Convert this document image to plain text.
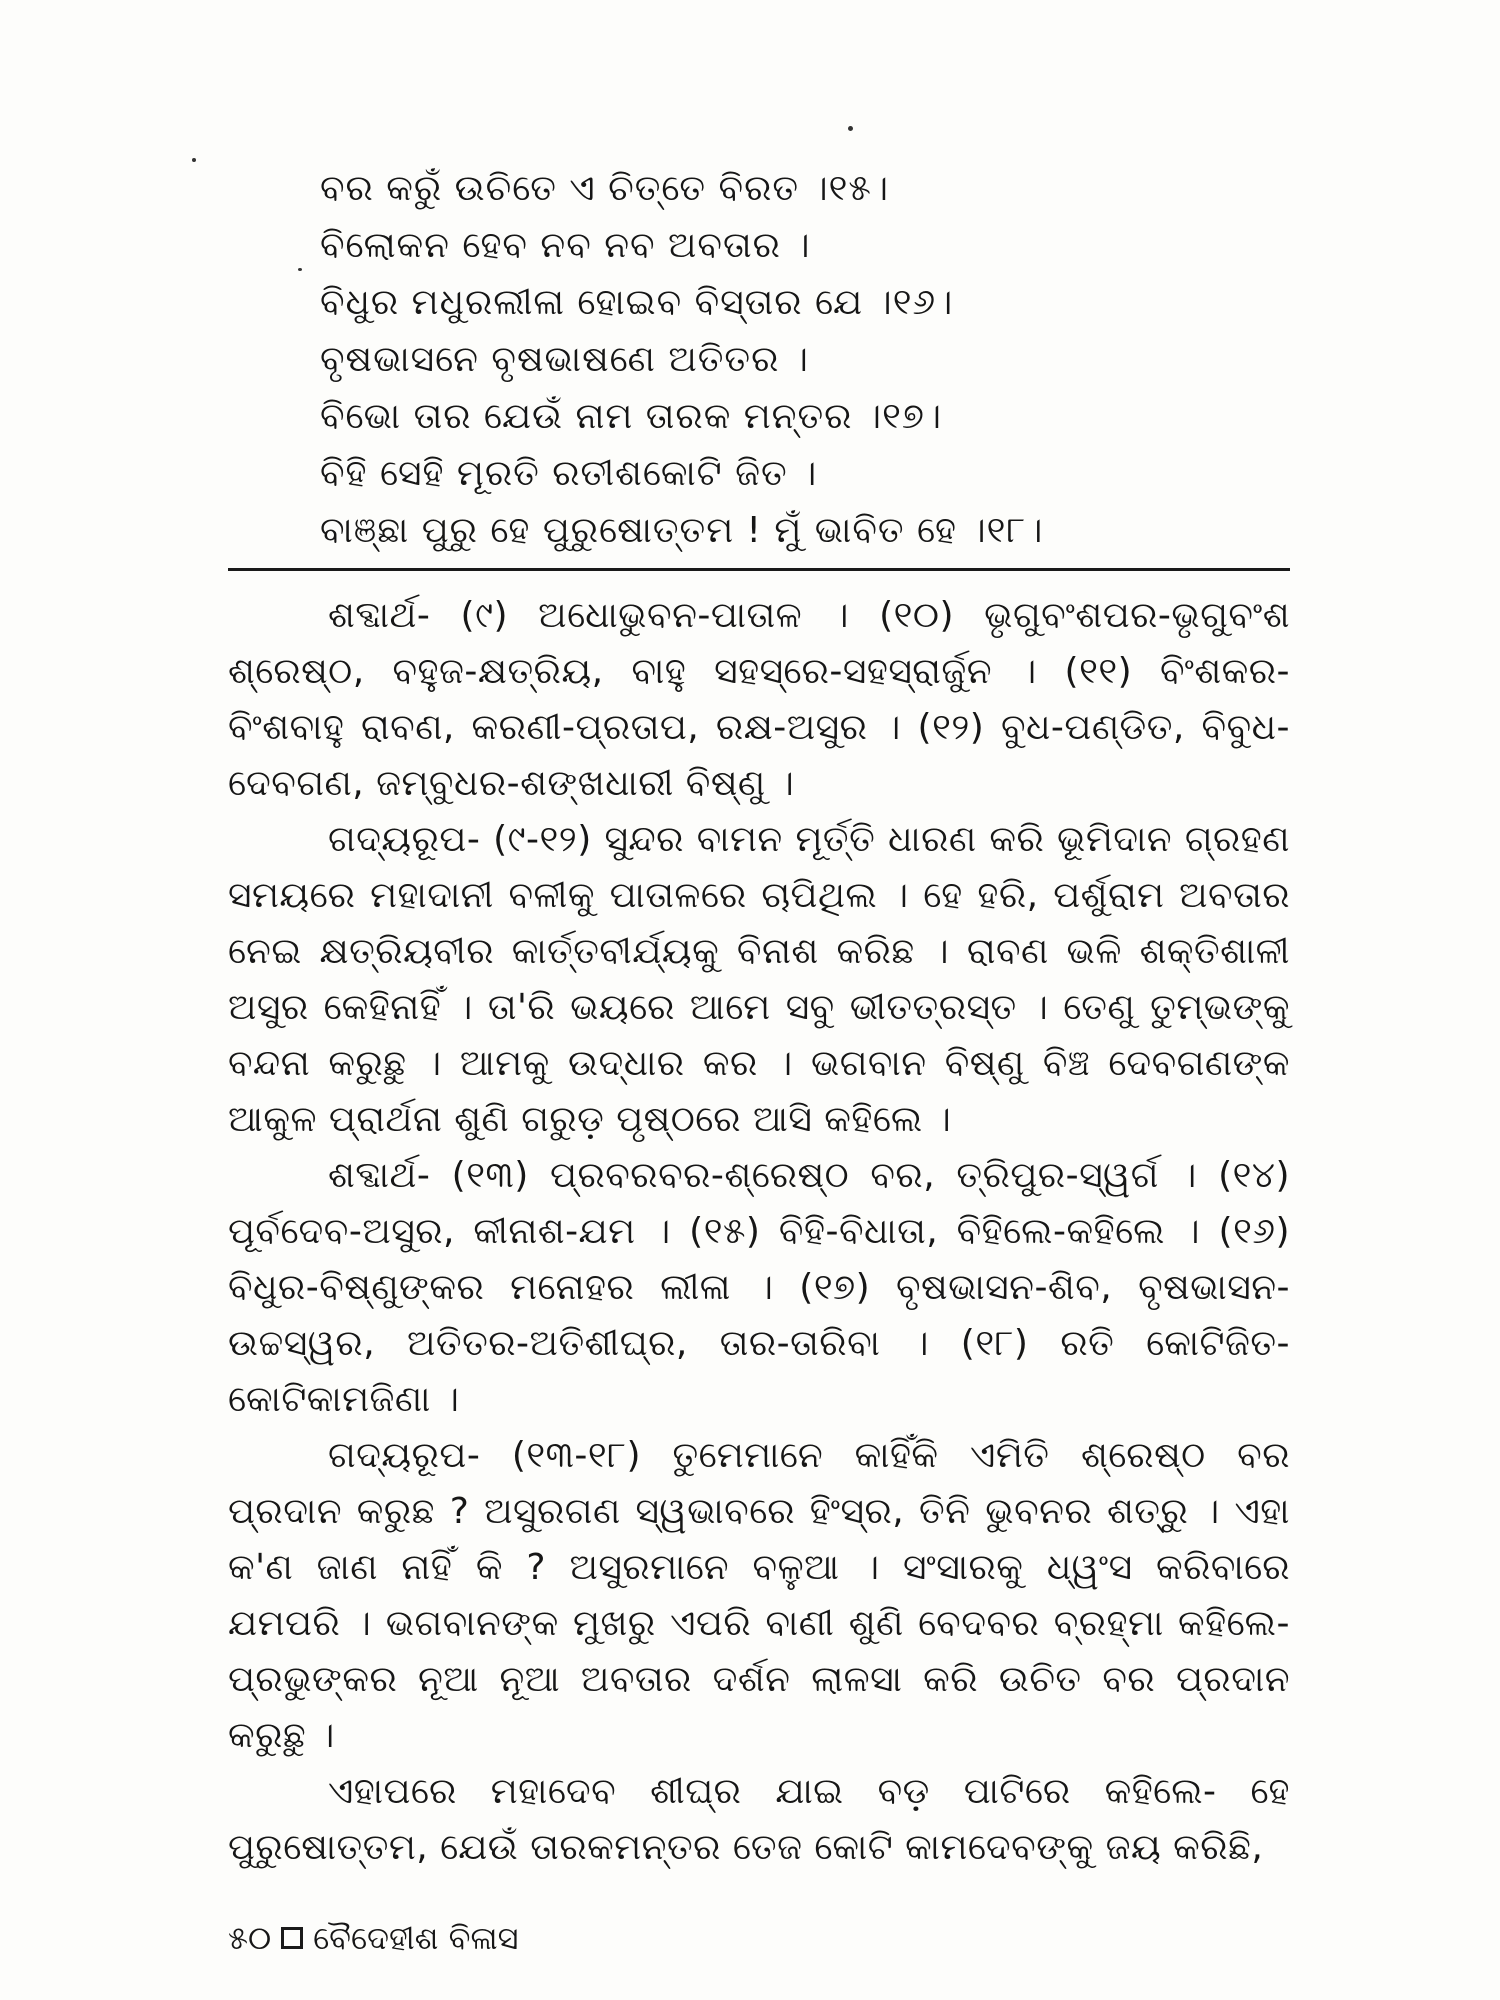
ବର କରୁଁ ଉଚିତେ ଏ ଚିତ୍ତେ ବିରତ ।୧୫।
ବିଲୋକନ ହେବ ନବ ନବ ଅବତାର ।
ବିଧୁର ମଧୁରଲୀଳା ହୋଇବ ବିସ୍ତାର ଯେ ।୧୬।
ବୃଷଭାସନେ ବୃଷଭାଷଣେ ଅତିତର ।
ବିଭୋ ତାର ଯେଉଁ ନାମ ତାରକ ମନ୍ତର ।୧୭।
ବିହି ସେହି ମୂରତି ରତୀଶକୋଟି ଜିତ ।
ବାଞ୍ଛା ପୁରୁ ହେ ପୁରୁଷୋତ୍ତମ ! ମୁଁ ଭାବିତ ହେ ।୧୮।

ଶବ୍ଦାର୍ଥ- (୯) ଅଧୋଭୁବନ-ପାତାଳ । (୧୦) ଭୃଗୁବଂଶପର-ଭୃଗୁବଂଶ ଶ୍ରେଷ୍ଠ, ବହୁଜ-କ୍ଷତ୍ରିୟ, ବାହୁ ସହସ୍ରେ-ସହସ୍ରାର୍ଜୁନ । (୧୧) ବିଂଶକର-ବିଂଶବାହୁ ରାବଣ, କରଣୀ-ପ୍ରତାପ, ରକ୍ଷ-ଅସୁର । (୧୨) ବୁଧ-ପଣ୍ଡିତ, ବିବୁଧ-ଦେବଗଣ, ଜମ୍ବୁଧର-ଶଙ୍ଖଧାରୀ ବିଷ୍ଣୁ ।

ଗଦ୍ୟରୂପ- (୯-୧୨) ସୁନ୍ଦର ବାମନ ମୂର୍ତ୍ତି ଧାରଣ କରି ଭୂମିଦାନ ଗ୍ରହଣ ସମୟରେ ମହାଦାନୀ ବଳୀକୁ ପାତାଳରେ ଚାପିଥିଲ । ହେ ହରି, ପର୍ଶୁରାମ ଅବତାର ନେଇ କ୍ଷତ୍ରିୟବୀର କାର୍ତ୍ତବୀର୍ଯ୍ୟକୁ ବିନାଶ କରିଛ । ରାବଣ ଭଳି ଶକ୍ତିଶାଳୀ ଅସୁର କେହିନାହିଁ । ତା'ରି ଭୟରେ ଆମେ ସବୁ ଭୀତତ୍ରସ୍ତ । ତେଣୁ ତୁମ୍ଭଙ୍କୁ ବନ୍ଦନା କରୁଛୁ । ଆମକୁ ଉଦ୍ଧାର କର । ଭଗବାନ ବିଷ୍ଣୁ ବିଞ୍ଚ ଦେବଗଣଙ୍କ ଆକୁଳ ପ୍ରାର୍ଥନା ଶୁଣି ଗରୁଡ଼ ପୃଷ୍ଠରେ ଆସି କହିଲେ ।

ଶବ୍ଦାର୍ଥ- (୧୩) ପ୍ରବରବର-ଶ୍ରେଷ୍ଠ ବର, ତ୍ରିପୁର-ସ୍ୱର୍ଗ । (୧୪) ପୂର୍ବଦେବ-ଅସୁର, କୀନାଶ-ଯମ । (୧୫) ବିହି-ବିଧାତା, ବିହିଲେ-କହିଲେ । (୧୬) ବିଧୁର-ବିଷ୍ଣୁଙ୍କର ମନୋହର ଲୀଳା । (୧୭) ବୃଷଭାସନ-ଶିବ, ବୃଷଭାସନ-ଉଚ୍ଚସ୍ୱର, ଅତିତର-ଅତିଶୀଘ୍ର, ତାର-ତାରିବା । (୧୮) ରତି କୋଟିଜିତ-କୋଟିକାମଜିଣା ।

ଗଦ୍ୟରୂପ- (୧୩-୧୮) ତୁମେମାନେ କାହିଁକି ଏମିତି ଶ୍ରେଷ୍ଠ ବର ପ୍ରଦାନ କରୁଛ ? ଅସୁରଗଣ ସ୍ୱଭାବରେ ହିଂସ୍ର, ତିନି ଭୁବନର ଶତ୍ରୁ । ଏହା କ'ଣ ଜାଣ ନାହିଁ କି ? ଅସୁରମାନେ ବଳୁଆ । ସଂସାରକୁ ଧ୍ୱଂସ କରିବାରେ ଯମପରି । ଭଗବାନଙ୍କ ମୁଖରୁ ଏପରି ବାଣୀ ଶୁଣି ବେଦବର ବ୍ରହ୍ମା କହିଲେ- ପ୍ରଭୁଙ୍କର ନୂଆ ନୂଆ ଅବତାର ଦର୍ଶନ ଲାଳସା କରି ଉଚିତ ବର ପ୍ରଦାନ କରୁଛୁ ।

ଏହାପରେ ମହାଦେବ ଶୀଘ୍ର ଯାଇ ବଡ଼ ପାଟିରେ କହିଲେ- ହେ ପୁରୁଷୋତ୍ତମ, ଯେଉଁ ତାରକମନ୍ତର ତେଜ କୋଟି କାମଦେବଙ୍କୁ ଜୟ କରିଛି,

୫୦ ବୈଦେହୀଶ ବିଳାସ
